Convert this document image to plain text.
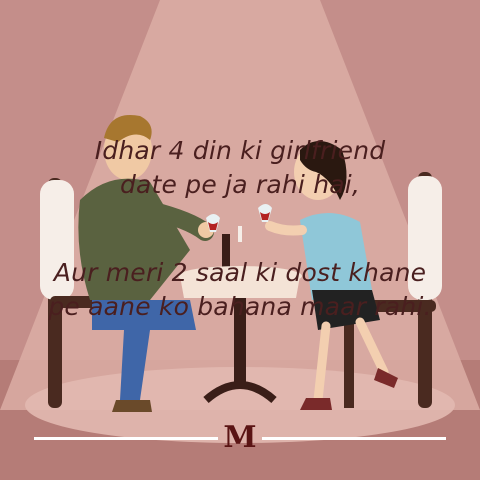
Idhar 4 din ki girlfriend
date pe ja rahi hai,
Aur meri 2 saal ki dost khane
pe aane ko bahana maar rahi.
M
